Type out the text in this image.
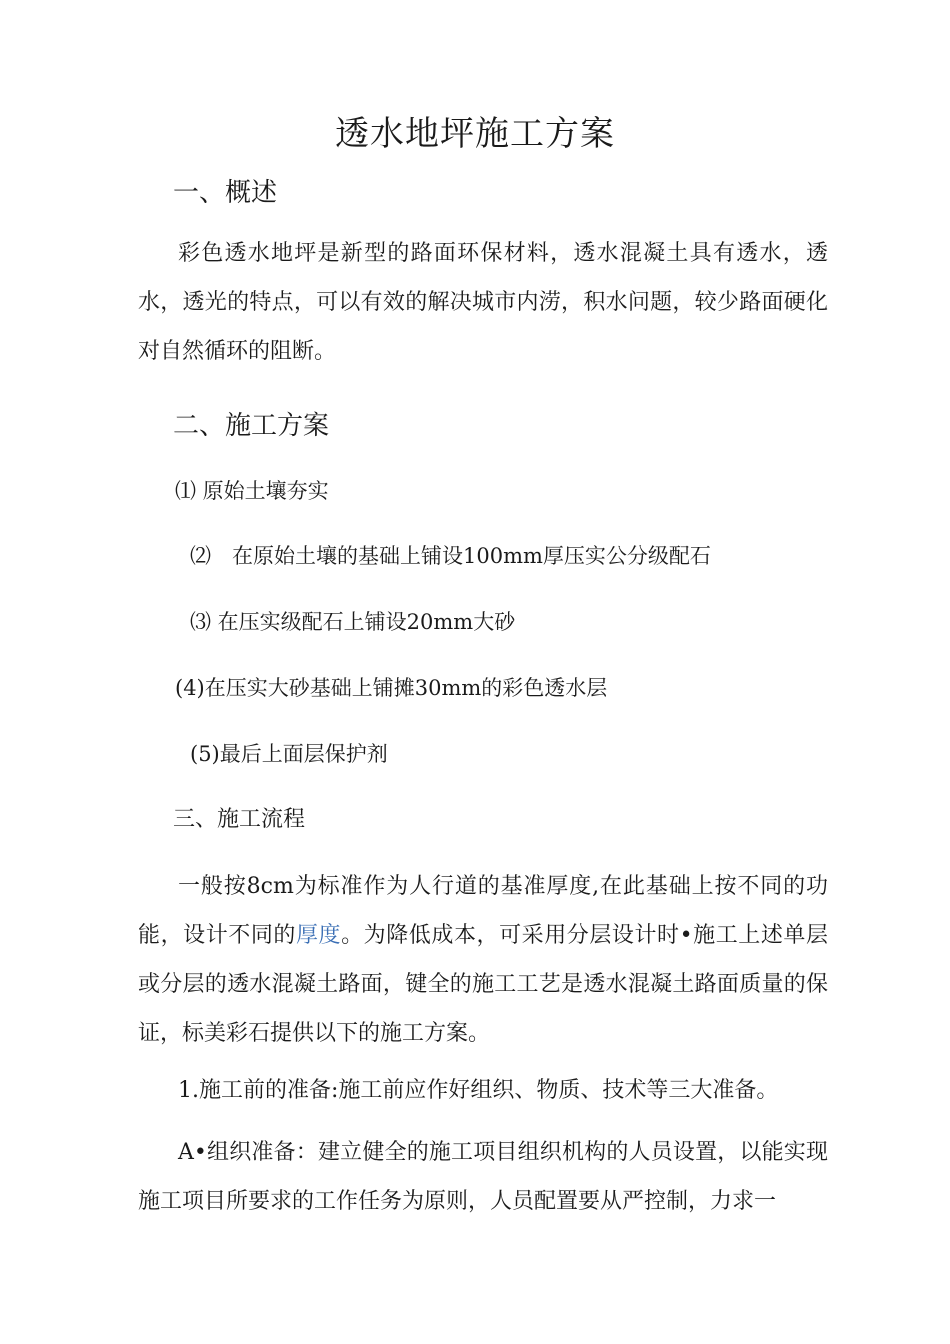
透水地坪施工方案
一、概述
彩色透水地坪是新型的路面环保材料，透水混凝土具有透水，透水，透光的特点，可以有效的解决城市内涝，积水问题，较少路面硬化对自然循环的阻断。
二、施工方案
⑴ 原始土壤夯实
⑵　在原始土壤的基础上铺设100mm厚压实公分级配石
⑶ 在压实级配石上铺设20mm大砂
(4)在压实大砂基础上铺摊30mm的彩色透水层
(5)最后上面层保护剂
三、施工流程
一般按8cm为标准作为人行道的基准厚度,在此基础上按不同的功能，设计不同的厚度。为降低成本，可采用分层设计时•施工上述单层或分层的透水混凝土路面，键全的施工工艺是透水混凝土路面质量的保证，标美彩石提供以下的施工方案。
1.施工前的准备:施工前应作好组织、物质、技术等三大准备。
A•组织准备：建立健全的施工项目组织机构的人员设置，以能实现施工项目所要求的工作任务为原则，人员配置要从严控制，力求一
